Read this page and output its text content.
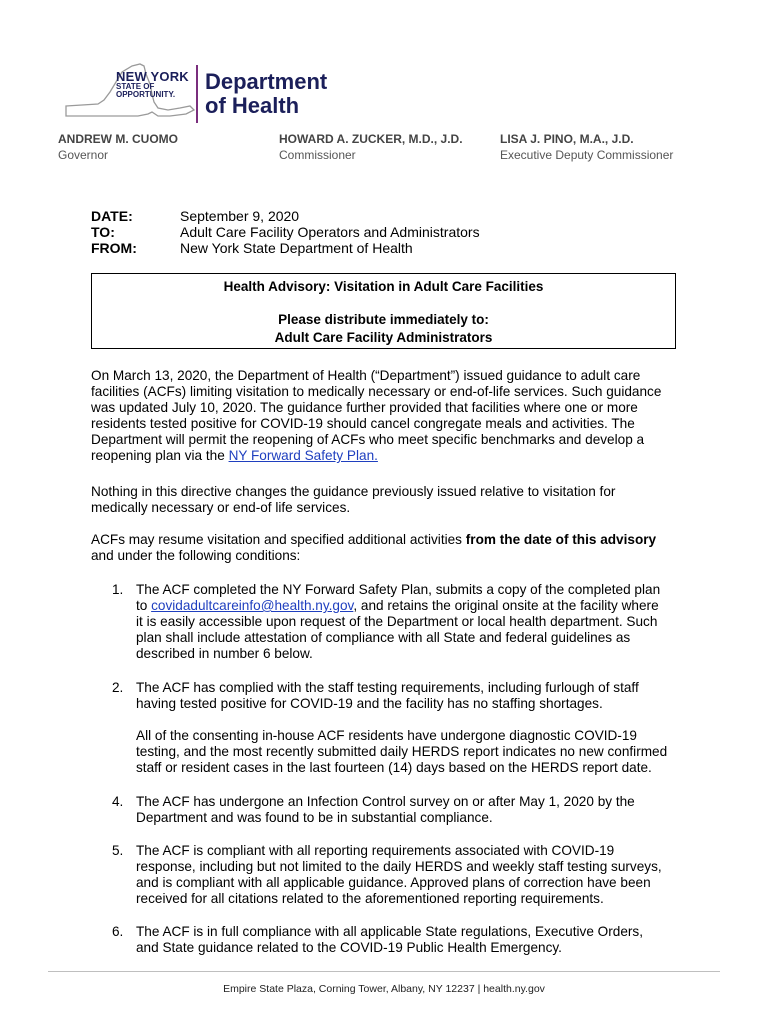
NEW YORK
STATE OF
OPPORTUNITY.
Department
of Health
ANDREW M. CUOMO
Governor
HOWARD A. ZUCKER, M.D., J.D.
Commissioner
LISA J. PINO, M.A., J.D.
Executive Deputy Commissioner
DATE:	September 9, 2020
TO:	Adult Care Facility Operators and Administrators
FROM:	New York State Department of Health
Health Advisory: Visitation in Adult Care Facilities
Please distribute immediately to:
Adult Care Facility Administrators
On March 13, 2020, the Department of Health (“Department”) issued guidance to adult care
facilities (ACFs) limiting visitation to medically necessary or end-of-life services. Such guidance
was updated July 10, 2020. The guidance further provided that facilities where one or more
residents tested positive for COVID-19 should cancel congregate meals and activities. The
Department will permit the reopening of ACFs who meet specific benchmarks and develop a
reopening plan via the NY Forward Safety Plan.
Nothing in this directive changes the guidance previously issued relative to visitation for
medically necessary or end-of life services.
ACFs may resume visitation and specified additional activities from the date of this advisory
and under the following conditions:
1. The ACF completed the NY Forward Safety Plan, submits a copy of the completed plan
to covidadultcareinfo@health.ny.gov, and retains the original onsite at the facility where
it is easily accessible upon request of the Department or local health department. Such
plan shall include attestation of compliance with all State and federal guidelines as
described in number 6 below.
2. The ACF has complied with the staff testing requirements, including furlough of staff
having tested positive for COVID-19 and the facility has no staffing shortages.
All of the consenting in-house ACF residents have undergone diagnostic COVID-19
testing, and the most recently submitted daily HERDS report indicates no new confirmed
staff or resident cases in the last fourteen (14) days based on the HERDS report date.
4. The ACF has undergone an Infection Control survey on or after May 1, 2020 by the
Department and was found to be in substantial compliance.
5. The ACF is compliant with all reporting requirements associated with COVID-19
response, including but not limited to the daily HERDS and weekly staff testing surveys,
and is compliant with all applicable guidance. Approved plans of correction have been
received for all citations related to the aforementioned reporting requirements.
6. The ACF is in full compliance with all applicable State regulations, Executive Orders,
and State guidance related to the COVID-19 Public Health Emergency.
Empire State Plaza, Corning Tower, Albany, NY 12237 | health.ny.gov
